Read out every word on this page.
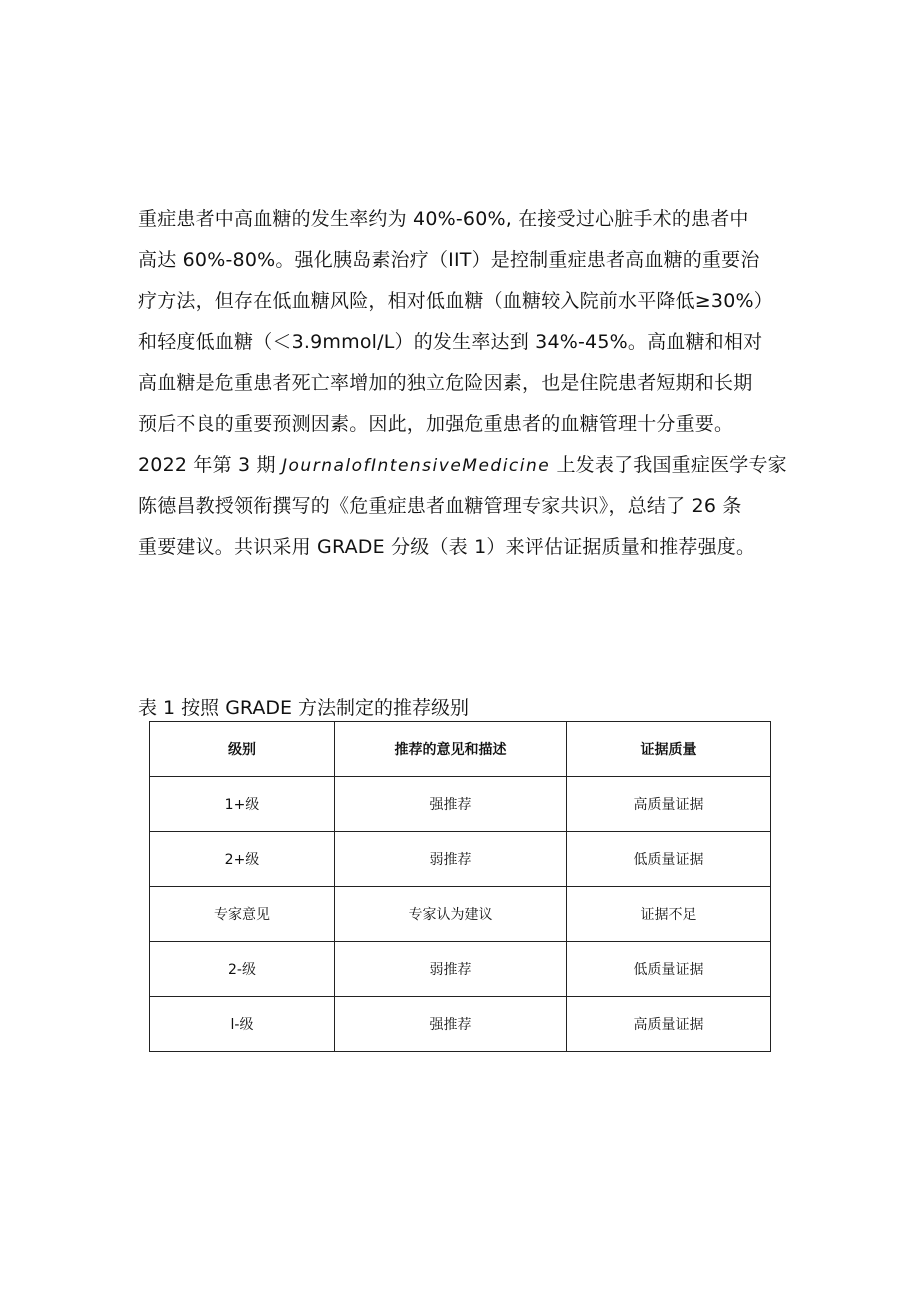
重症患者中高血糖的发生率约为 40%-60%, 在接受过心脏手术的患者中
高达 60%-80%。强化胰岛素治疗（IIT）是控制重症患者高血糖的重要治
疗方法，但存在低血糖风险，相对低血糖（血糖较入院前水平降低≥30%）
和轻度低血糖（＜3.9mmol/L）的发生率达到 34%-45%。高血糖和相对
高血糖是危重患者死亡率增加的独立危险因素，也是住院患者短期和长期
预后不良的重要预测因素。因此，加强危重患者的血糖管理十分重要。
2022 年第 3 期 JournalofIntensiveMedicine 上发表了我国重症医学专家
陈德昌教授领衔撰写的《危重症患者血糖管理专家共识》，总结了 26 条
重要建议。共识采用 GRADE 分级（表 1）来评估证据质量和推荐强度。
表 1 按照 GRADE 方法制定的推荐级别
级别	推荐的意见和描述	证据质量
1+级	强推荐	高质量证据
2+级	弱推荐	低质量证据
专家意见	专家认为建议	证据不足
2-级	弱推荐	低质量证据
l-级	强推荐	高质量证据
